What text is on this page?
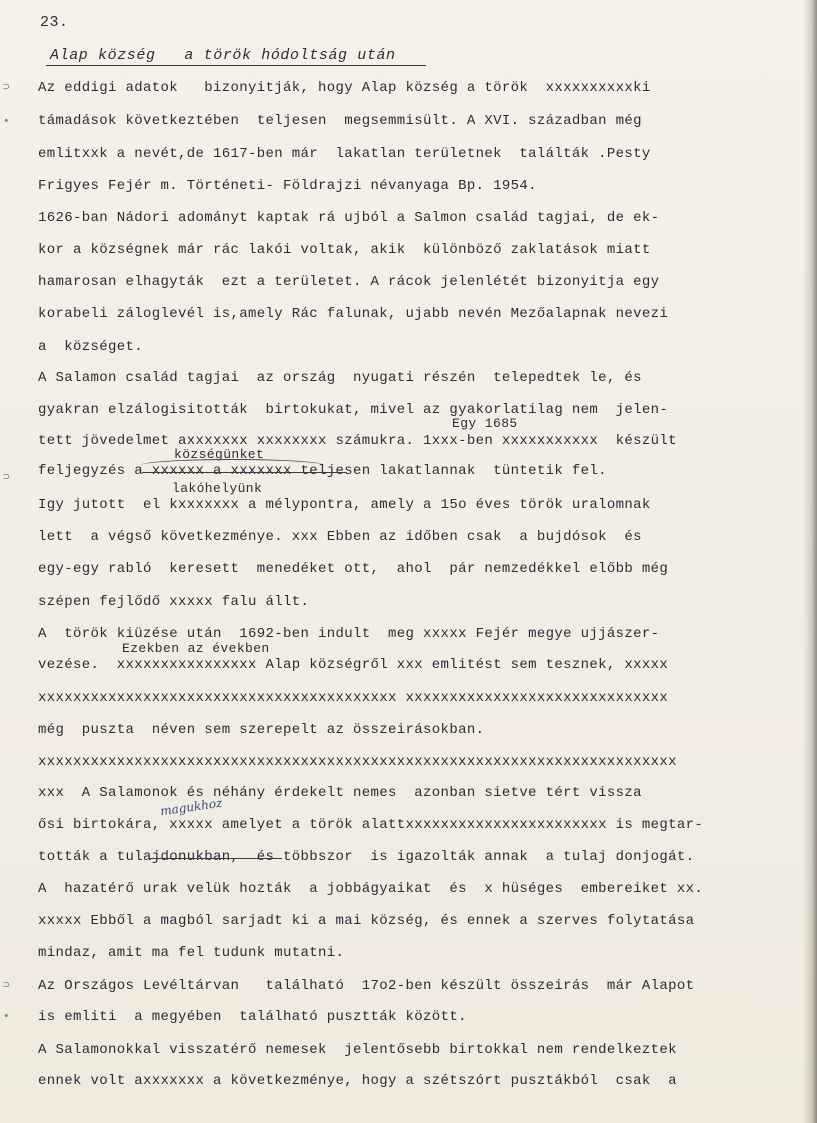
23.
Alap község   a török hódoltság után
⊃
•
⊃
⊃
•
Az eddigi adatok   bizonyitják, hogy Alap község a török  xxxxxxxxxxki
támadások következtében  teljesen  megsemmisült. A XVI. században még
emlitxxk a nevét,de 1617-ben már  lakatlan területnek  találták .Pesty
Frigyes Fejér m. Történeti- Földrajzi névanyaga Bp. 1954.
1626-ban Nádori adományt kaptak rá ujból a Salmon család tagjai, de ek-
kor a községnek már rác lakói voltak, akik  különböző zaklatások miatt
hamarosan elhagyták  ezt a területet. A rácok jelenlétét bizonyitja egy
korabeli záloglevél is,amely Rác falunak, ujabb nevén Mezőalapnak nevezi
a  községet.
A Salamon család tagjai  az ország  nyugati részén  telepedtek le, és
gyakran elzálogisitották  birtokukat, mivel az gyakorlatilag nem  jelen-
tett jövedelmet axxxxxxx xxxxxxxx számukra. 1xxx-ben xxxxxxxxxxx  készült
feljegyzés a xxxxxx a xxxxxxx teljesen lakatlannak  tüntetik fel.
Igy jutott  el kxxxxxxx a mélypontra, amely a 15o éves török uralomnak
lett  a végső következménye. xxx Ebben az időben csak  a bujdósok  és
egy-egy rabló  keresett  menedéket ott,  ahol  pár nemzedékkel előbb még
szépen fejlődő xxxxx falu állt.
A  török kiüzése után  1692-ben indult  meg xxxxx Fejér megye ujjászer-
vezése.  xxxxxxxxxxxxxxxx Alap községről xxx emlitést sem tesznek, xxxxx
xxxxxxxxxxxxxxxxxxxxxxxxxxxxxxxxxxxxxxxxx xxxxxxxxxxxxxxxxxxxxxxxxxxxxxx
még  puszta  néven sem szerepelt az összeirásokban.
xxxxxxxxxxxxxxxxxxxxxxxxxxxxxxxxxxxxxxxxxxxxxxxxxxxxxxxxxxxxxxxxxxxxxxxxx
xxx  A Salamonok és néhány érdekelt nemes  azonban sietve tért vissza
ősi birtokára, xxxxx amelyet a török alattxxxxxxxxxxxxxxxxxxxxxxx is megtar-
tották a tulajdonukban,  és többszor  is igazolták annak  a tulaj donjogát.
A  hazatérő urak velük hozták  a jobbágyaikat  és  x hüséges  embereiket xx.
xxxxx Ebből a magból sarjadt ki a mai község, és ennek a szerves folytatása
mindaz, amit ma fel tudunk mutatni.
Az Országos Levéltárvan   található  17o2-ben készült összeirás  már Alapot
is emliti  a megyében  található pusztták között.
A Salamonokkal visszatérő nemesek  jelentősebb birtokkal nem rendelkeztek
ennek volt axxxxxxx a következménye, hogy a szétszórt pusztákból  csak  a
Egy 1685
községünket
lakóhelyünk
Ezekben az években
magukhoz
